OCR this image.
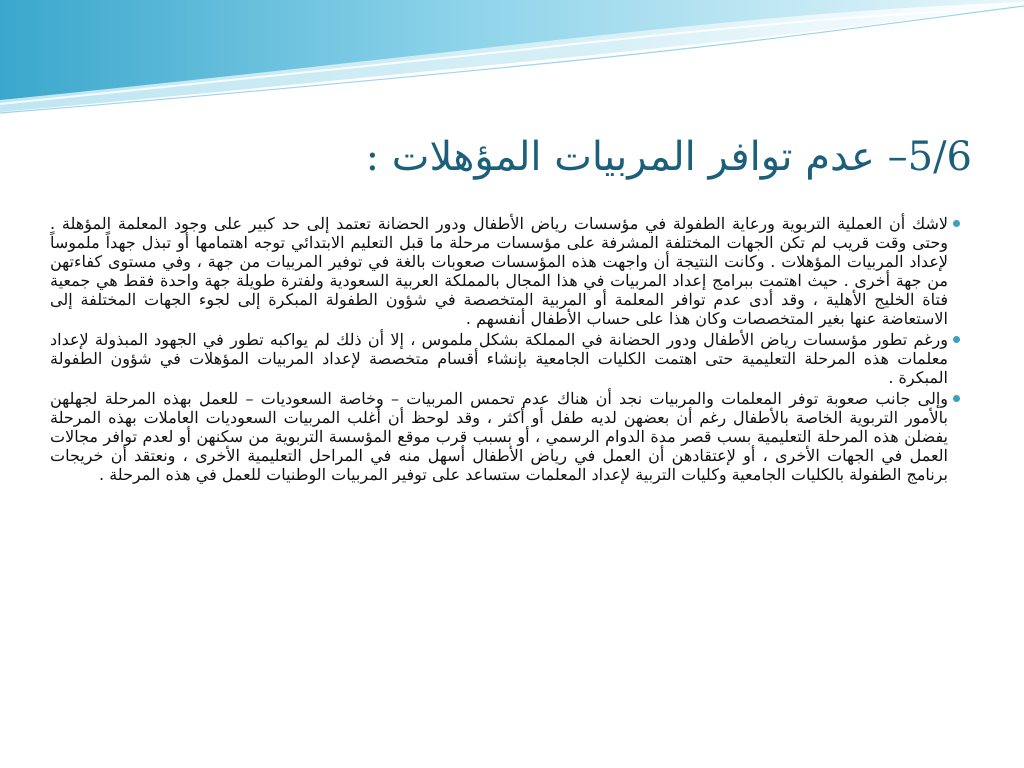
5/6– عدم توافر المربيات المؤهلات :
لاشك أن العملية التربوية ورعاية الطفولة في مؤسسات رياض الأطفال ودور الحضانة تعتمد إلى حد كبير على وجود المعلمة المؤهلة . وحتى وقت قريب لم تكن الجهات المختلفة المشرفة على مؤسسات مرحلة ما قبل التعليم الابتدائي توجه اهتمامها أو تبذل جهداً ملموساً لإعداد المربيات المؤهلات . وكانت النتيجة أن واجهت هذه المؤسسات صعوبات بالغة في توفير المربيات من جهة ، وفي مستوى كفاءتهن من جهة أخرى . حيث اهتمت ببرامج إعداد المربيات في هذا المجال بالمملكة العربية السعودية ولفترة طويلة جهة واحدة فقط هي جمعية فتاة الخليج الأهلية ، وقد أدى عدم توافر المعلمة أو المربية المتخصصة في شؤون الطفولة المبكرة إلى لجوء الجهات المختلفة إلى الاستعاضة عنها بغير المتخصصات وكان هذا على حساب الأطفال أنفسهم .
ورغم تطور مؤسسات رياض الأطفال ودور الحضانة في المملكة بشكل ملموس ، إلا أن ذلك لم يواكبه تطور في الجهود المبذولة لإعداد معلمات هذه المرحلة التعليمية حتى اهتمت الكليات الجامعية بإنشاء أقسام متخصصة لإعداد المربيات المؤهلات في شؤون الطفولة المبكرة .
وإلى جانب صعوبة توفر المعلمات والمربيات نجد أن هناك عدم تحمس المربيات – وخاصة السعوديات – للعمل بهذه المرحلة لجهلهن بالأمور التربوية الخاصة بالأطفال رغم أن بعضهن لديه طفل أو أكثر ، وقد لوحظ أن أغلب المربيات السعوديات العاملات بهذه المرحلة يفضلن هذه المرحلة التعليمية بسب قصر مدة الدوام الرسمي ، أو بسبب قرب موقع المؤسسة التربوية من سكنهن أو لعدم توافر مجالات العمل في الجهات الأخرى ، أو لإعتقادهن أن العمل في رياض الأطفال أسهل منه في المراحل التعليمية الأخرى ، ونعتقد أن خريجات برنامج الطفولة بالكليات الجامعية وكليات التربية لإعداد المعلمات ستساعد على توفير المربيات الوطنيات للعمل في هذه المرحلة .
